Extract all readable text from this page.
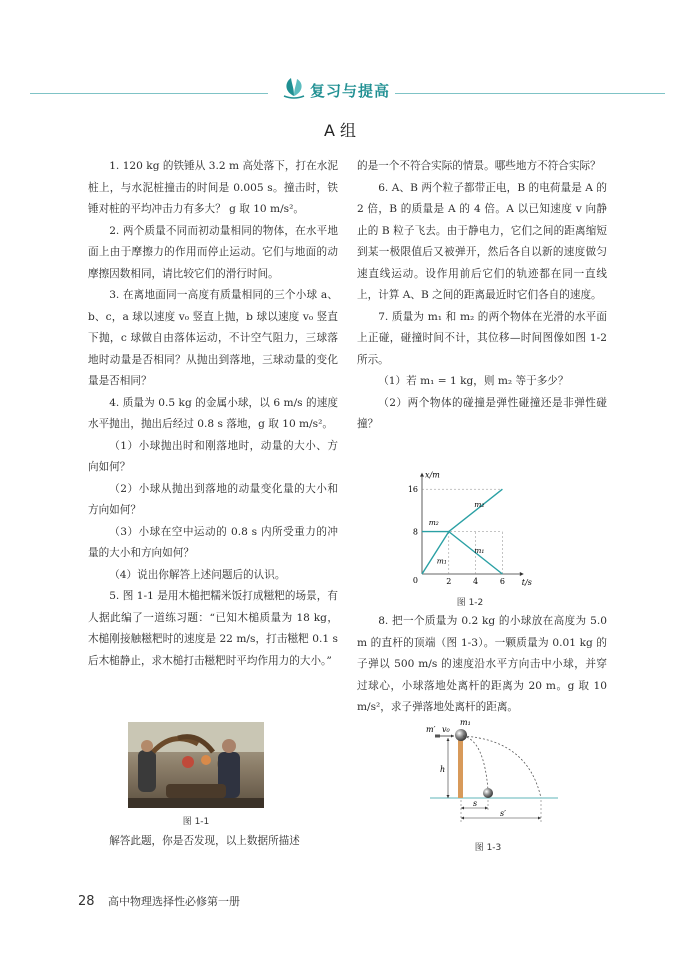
复习与提高
A 组

1. 120 kg 的铁锤从 3.2 m 高处落下，打在水泥桩上，与水泥桩撞击的时间是 0.005 s。撞击时，铁锤对桩的平均冲击力有多大？ g 取 10 m/s²。

2. 两个质量不同而初动量相同的物体，在水平地面上由于摩擦力的作用而停止运动。它们与地面的动摩擦因数相同，请比较它们的滑行时间。

3. 在离地面同一高度有质量相同的三个小球 a、b、c，a 球以速度 v₀ 竖直上抛，b 球以速度 v₀ 竖直下抛，c 球做自由落体运动，不计空气阻力，三球落地时动量是否相同？从抛出到落地，三球动量的变化量是否相同？

4. 质量为 0.5 kg 的金属小球，以 6 m/s 的速度水平抛出，抛出后经过 0.8 s 落地，g 取 10 m/s²。

（1）小球抛出时和刚落地时，动量的大小、方向如何？

（2）小球从抛出到落地的动量变化量的大小和方向如何？

（3）小球在空中运动的 0.8 s 内所受重力的冲量的大小和方向如何？

（4）说出你解答上述问题后的认识。

5. 图 1-1 是用木槌把糯米饭打成糍粑的场景，有人据此编了一道练习题：“已知木槌质量为 18 kg，木槌刚接触糍粑时的速度是 22 m/s，打击糍粑 0.1 s 后木槌静止，求木槌打击糍粑时平均作用力的大小。”

图 1-1

解答此题，你是否发现，以上数据所描述

的是一个不符合实际的情景。哪些地方不符合实际？

6. A、B 两个粒子都带正电，B 的电荷量是 A 的 2 倍，B 的质量是 A 的 4 倍。A 以已知速度 v 向静止的 B 粒子飞去。由于静电力，它们之间的距离缩短到某一极限值后又被弹开，然后各自以新的速度做匀速直线运动。设作用前后它们的轨迹都在同一直线上，计算 A、B 之间的距离最近时它们各自的速度。

7. 质量为 m₁ 和 m₂ 的两个物体在光滑的水平面上正碰，碰撞时间不计，其位移—时间图像如图 1-2 所示。

（1）若 m₁ = 1 kg，则 m₂ 等于多少？

（2）两个物体的碰撞是弹性碰撞还是非弹性碰撞？

8
16
2	4	6
0	t/s
x/m
m₁
m₁
m₂
m₂
图 1-2

8. 把一个质量为 0.2 kg 的小球放在高度为 5.0 m 的直杆的顶端（图 1-3）。一颗质量为 0.01 kg 的子弹以 500 m/s 的速度沿水平方向击中小球，并穿过球心，小球落地处离杆的距离为 20 m。g 取 10 m/s²，求子弹落地处离杆的距离。

m′ v₀
m₁
h
s
s′
图 1-3
28 高中物理选择性必修第一册
